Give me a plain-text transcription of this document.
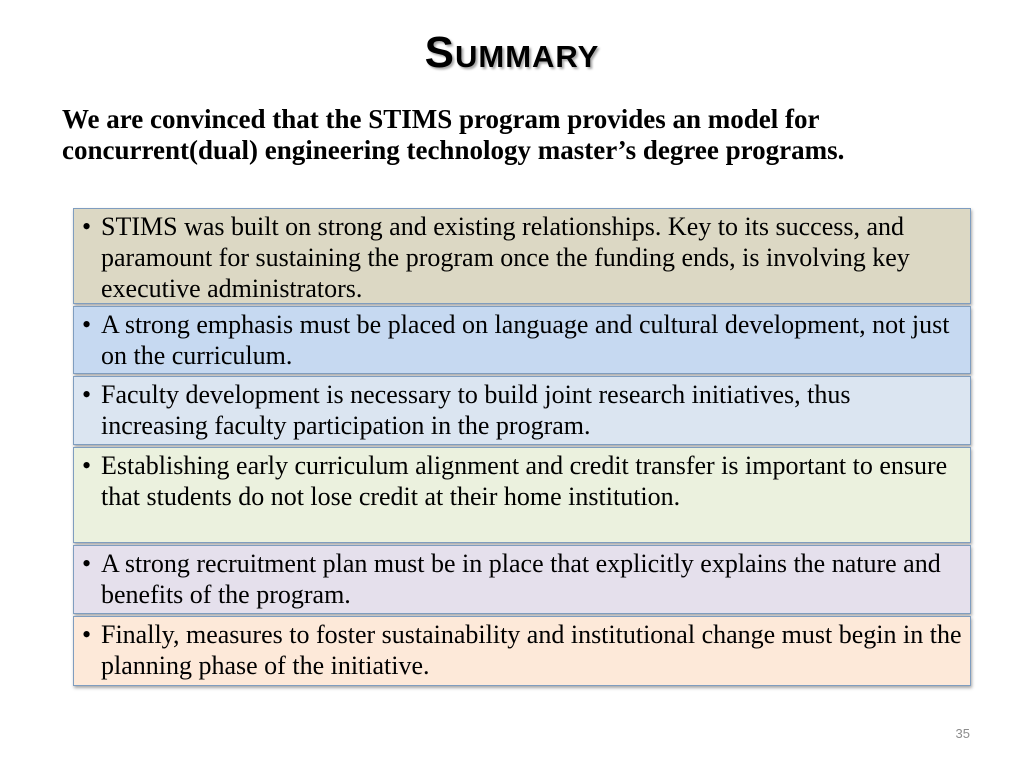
Summary
We are convinced that the STIMS program provides an model for concurrent(dual) engineering technology master’s degree programs.
• STIMS was built on strong and existing relationships. Key to its success, and paramount for sustaining the program once the funding ends, is involving key executive administrators.
• A strong emphasis must be placed on language and cultural development, not just on the curriculum.
• Faculty development is necessary to build joint research initiatives, thus increasing faculty participation in the program.
• Establishing early curriculum alignment and credit transfer is important to ensure that students do not lose credit at their home institution.
• A strong recruitment plan must be in place that explicitly explains the nature and benefits of the program.
• Finally, measures to foster sustainability and institutional change must begin in the planning phase of the initiative.
35
